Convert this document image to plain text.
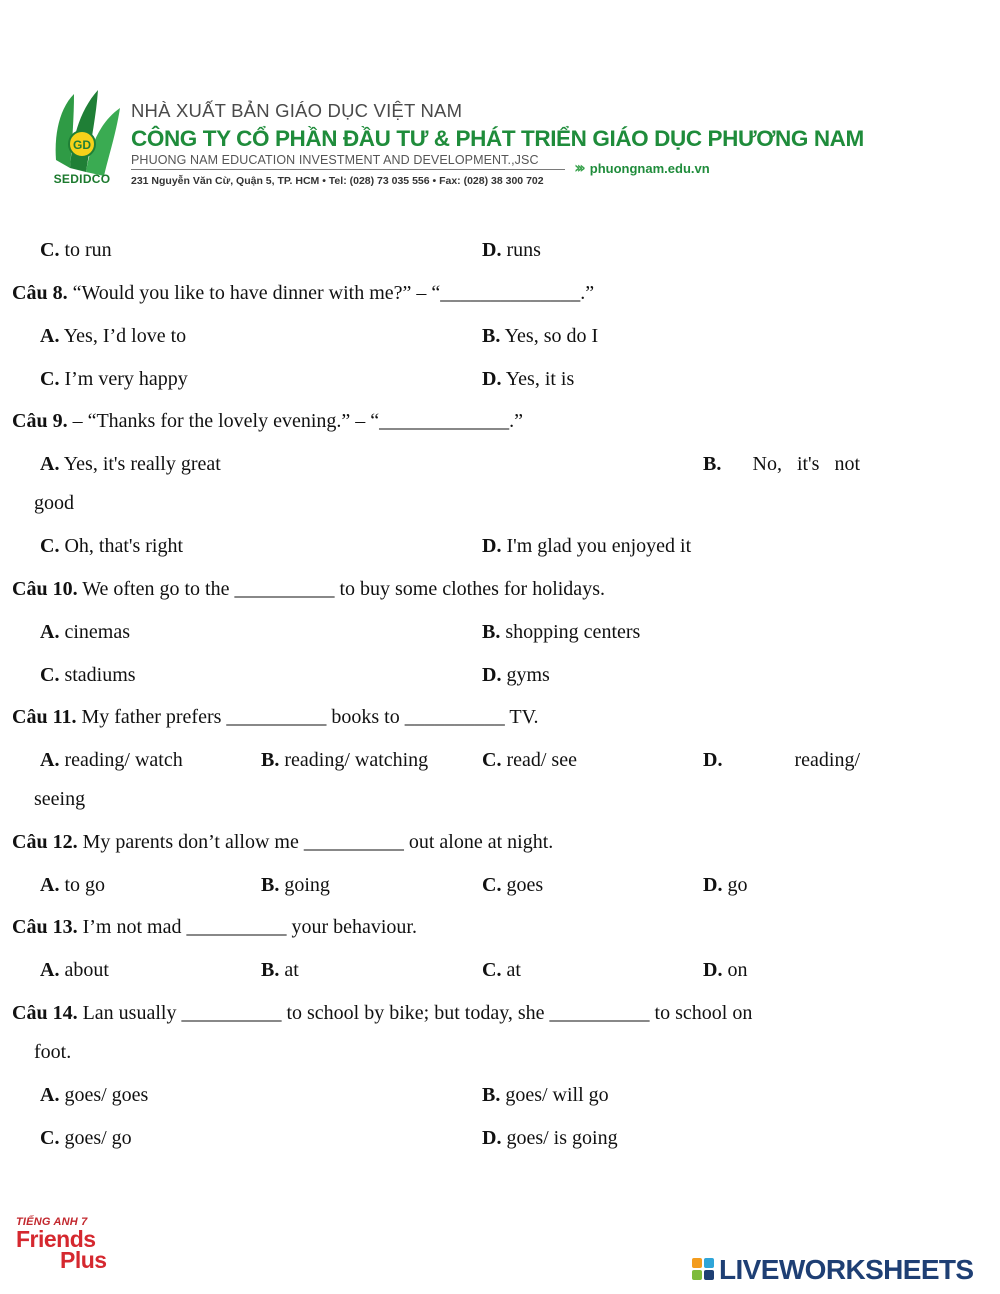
GD
SEDIDCO
NHÀ XUẤT BẢN GIÁO DỤC VIỆT NAM
CÔNG TY CỔ PHẦN ĐẦU TƯ & PHÁT TRIỂN GIÁO DỤC PHƯƠNG NAM
PHUONG NAM EDUCATION INVESTMENT AND DEVELOPMENT.,JSC
231 Nguyễn Văn Cừ, Quận 5, TP. HCM • Tel: (028) 73 035 556 • Fax: (028) 38 300 702
››› phuongnam.edu.vn
C. to run	D. runs
Câu 8. “Would you like to have dinner with me?” – “______________.”
A. Yes, I’d love to	B. Yes, so do I
C. I’m very happy	D. Yes, it is
Câu 9. – “Thanks for the lovely evening.” – “_____________.”
A. Yes, it's really great	B. No,   it's   not
good
C. Oh, that's right	D. I'm glad you enjoyed it
Câu 10. We often go to the __________ to buy some clothes for holidays.
A. cinemas	B. shopping centers
C. stadiums	D. gyms
Câu 11. My father prefers __________ books to __________ TV.
A. reading/ watch	B. reading/ watching	C. read/ see	D.	reading/
seeing
Câu 12. My parents don’t allow me __________ out alone at night.
A. to go	B. going	C. goes	D. go
Câu 13. I’m not mad __________ your behaviour.
A. about	B. at	C. at	D. on
Câu 14. Lan usually __________ to school by bike; but today, she __________ to school on
foot.
A. goes/ goes	B. goes/ will go
C. goes/ go	D. goes/ is going
TIẾNG ANH 7
Friends
Plus	LIVEWORKSHEETS
